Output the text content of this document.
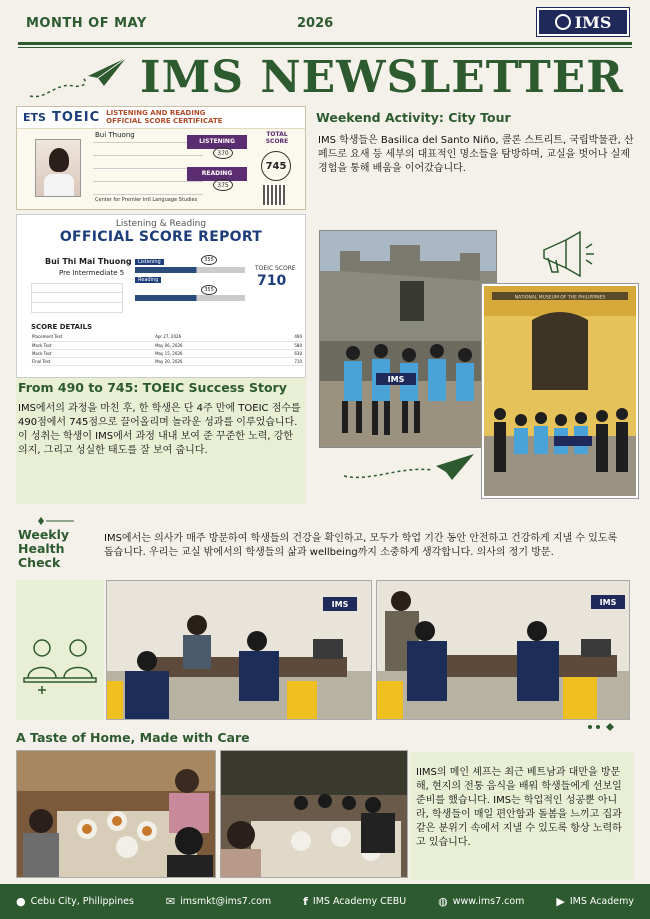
MONTH OF MAY	2026	IMS
IMS NEWSLETTER
ETS TOEIC LISTENING AND READING
OFFICIAL SCORE CERTIFICATE
Bui Thuong
LISTENING
370
READING
375
TOTAL SCORE
745
Center for Premier Intl Language Studies
Listening & Reading
OFFICIAL SCORE REPORT
Bui Thi Mai Thuong
Pre Intermediate 5
Listening	355
Reading
355
TOEIC SCORE
710
SCORE DETAILS
Placement Test	Apr 27, 2026	490
Mock Test	May 06, 2026	580
Mock Test	May 15, 2026	630
Final Test	May 20, 2026	710
From 490 to 745: TOEIC Success Story
IMS에서의 과정을 마친 후, 한 학생은 단 4주 만에 TOEIC 점수를 490점에서 745점으로 끌어올리며 놀라운 성과를 이루었습니다. 이 성취는 학생이 IMS에서 과정 내내 보여 준 꾸준한 노력, 강한 의지, 그리고 성실한 태도를 잘 보여 줍니다.
Weekend Activity: City Tour
IMS 학생들은 Basilica del Santo Niño, 콜론 스트리트, 국립박물관, 산페드로 요새 등 세부의 대표적인 명소들을 탐방하며, 교실을 벗어나 실제 경험을 통해 배움을 이어갔습니다.
IMS
NATIONAL MUSEUM OF THE PHILIPPINES
Weekly
Health
Check
IMS에서는 의사가 매주 방문하여 학생들의 건강을 확인하고, 모두가 학업 기간 동안 안전하고 건강하게 지낼 수 있도록 돕습니다. 우리는 교실 밖에서의 학생들의 삶과 wellbeing까지 소중하게 생각합니다. 의사의 정기 방문.
IMS	IMS
A Taste of Home, Made with Care
IIMS의 메인 셰프는 최근 베트남과 대만을 방문해, 현지의 전통 음식을 배워 학생들에게 선보일 준비를 했습니다. IMS는 학업적인 성공뿐 아니라, 학생들이 매일 편안함과 돌봄을 느끼고 집과 같은 분위기 속에서 지낼 수 있도록 항상 노력하고 있습니다.
● Cebu City, Philippines	✉ imsmkt@ims7.com	f IMS Academy CEBU	◍ www.ims7.com	▶ IMS Academy
